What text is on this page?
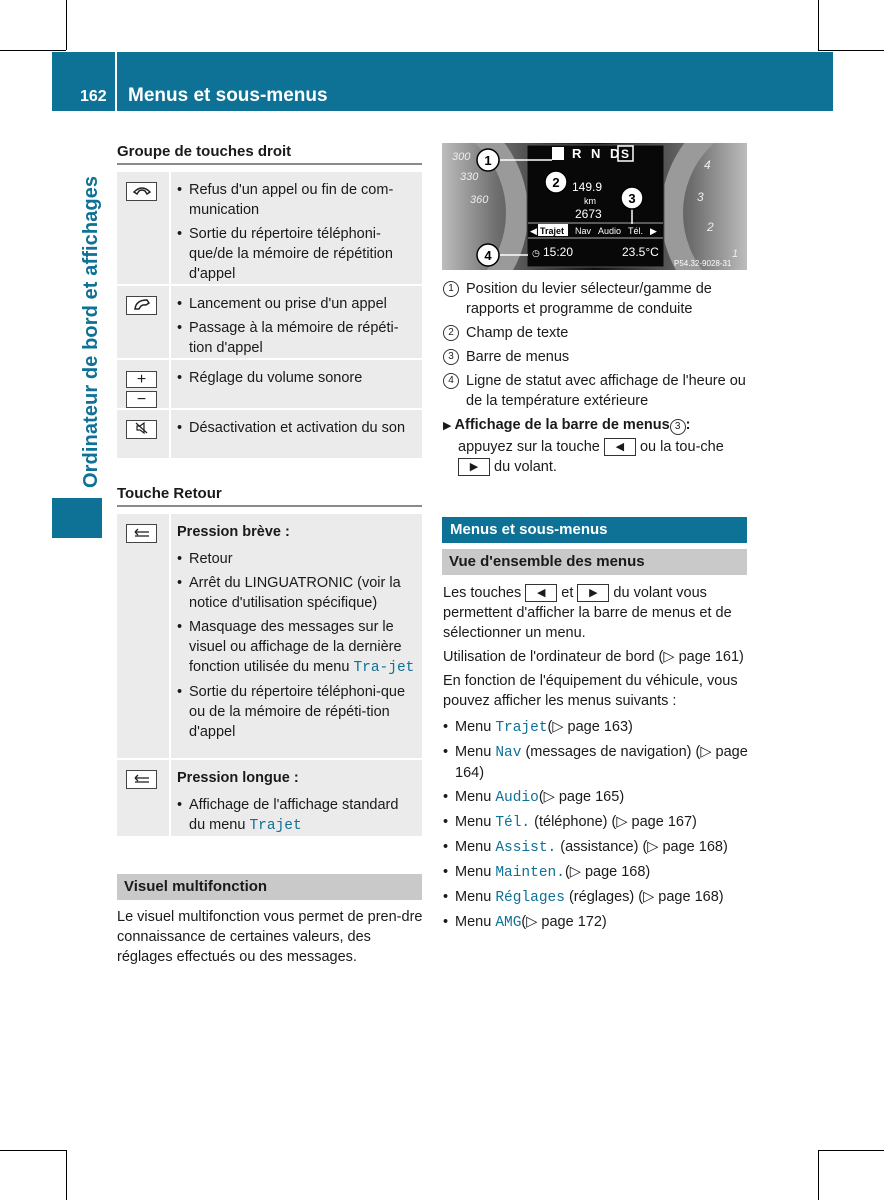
162 Menus et sous-menus
Ordinateur de bord et affichages
Groupe de touches droit
• Refus d'un appel ou fin de com-munication
• Sortie du répertoire téléphoni-que/de la mémoire de répétition d'appel
• Lancement ou prise d'un appel
• Passage à la mémoire de répéti-tion d'appel
+
−
• Réglage du volume sonore
• Désactivation et activation du son
Touche Retour
Pression brève :
• Retour
• Arrêt du LINGUATRONIC (voir la notice d'utilisation spécifique)
• Masquage des messages sur le visuel ou affichage de la dernière fonction utilisée du menu Tra-jet
• Sortie du répertoire téléphoni-que ou de la mémoire de répéti-tion d'appel
Pression longue :
• Affichage de l'affichage standard du menu Trajet
Visuel multifonction
Le visuel multifonction vous permet de pren-dre connaissance de certaines valeurs, des réglages effectués ou des messages.
300
330
360
4
3
2
1
P R N D
S
149.9
km
2673
◀ Trajet Nav Audio Tél. ▶
◷ 15:20	23.5°C
P54.32-9028-31
1
2
3
4
1 Position du levier sélecteur/gamme de rapports et programme de conduite
2 Champ de texte
3 Barre de menus
4 Ligne de statut avec affichage de l'heure ou de la température extérieure
▶ Affichage de la barre de menus 3 :
appuyez sur la touche ◀ ou la tou-che ▶ du volant.
Menus et sous-menus
Vue d'ensemble des menus
Les touches ◀ et ▶ du volant vous permettent d'afficher la barre de menus et de sélectionner un menu.
Utilisation de l'ordinateur de bord (▷ page 161)
En fonction de l'équipement du véhicule, vous pouvez afficher les menus suivants :
• Menu Trajet(▷ page 163)
• Menu Nav (messages de navigation) (▷ page 164)
• Menu Audio(▷ page 165)
• Menu Tél. (téléphone) (▷ page 167)
• Menu Assist. (assistance) (▷ page 168)
• Menu Mainten.(▷ page 168)
• Menu Réglages (réglages) (▷ page 168)
• Menu AMG(▷ page 172)
